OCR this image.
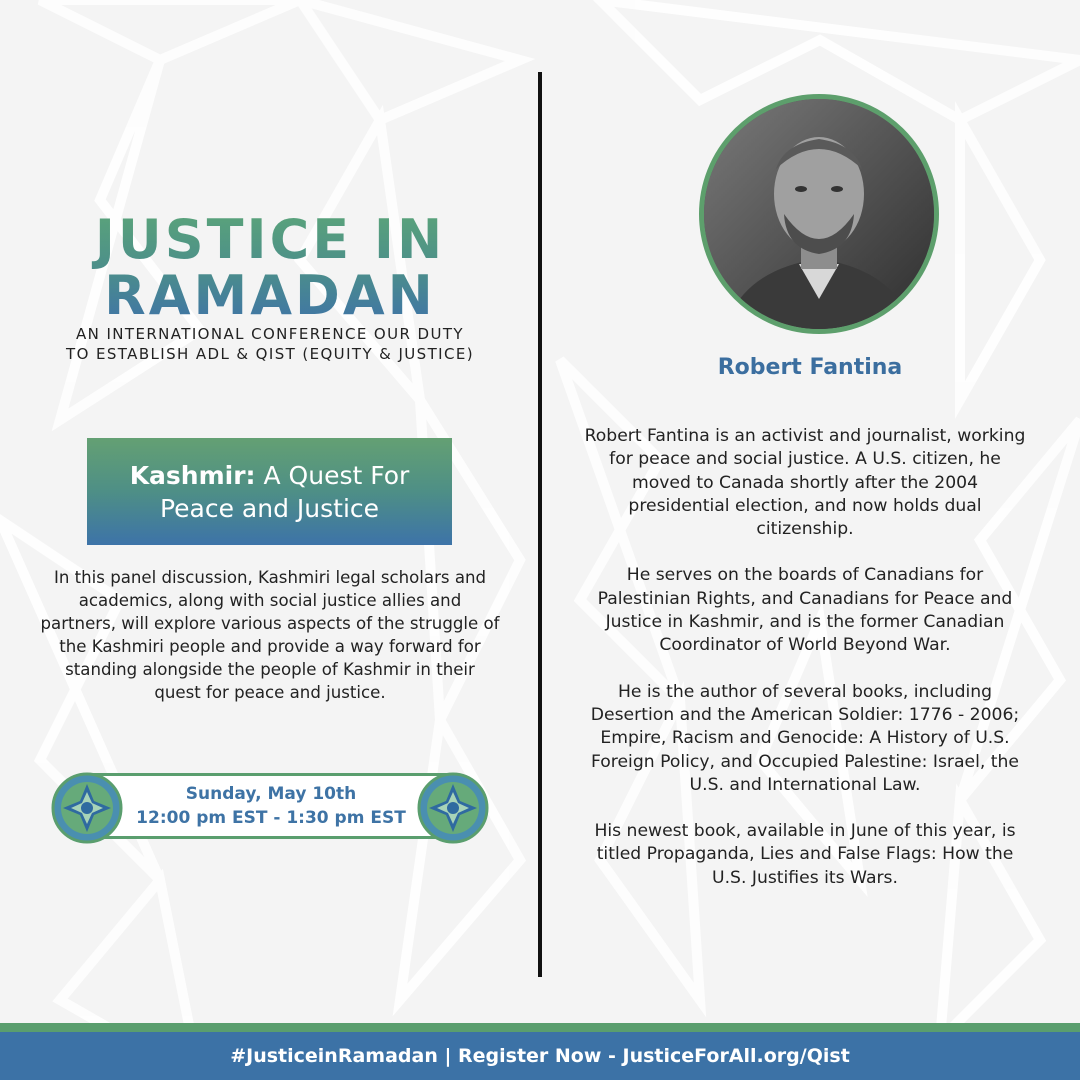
JUSTICE IN
RAMADAN
AN INTERNATIONAL CONFERENCE OUR DUTY
TO ESTABLISH ADL & QIST (EQUITY & JUSTICE)
Kashmir: A Quest For
Peace and Justice
In this panel discussion, Kashmiri legal scholars and academics, along with social justice allies and partners, will explore various aspects of the struggle of the Kashmiri people and provide a way forward for standing alongside the people of Kashmir in their quest for peace and justice.
Sunday, May 10th
12:00 pm EST - 1:30 pm EST
Robert Fantina

Robert Fantina is an activist and journalist, working for peace and social justice. A U.S. citizen, he moved to Canada shortly after the 2004 presidential election, and now holds dual citizenship.

He serves on the boards of Canadians for Palestinian Rights, and Canadians for Peace and Justice in Kashmir, and is the former Canadian Coordinator of World Beyond War.

He is the author of several books, including Desertion and the American Soldier: 1776 - 2006; Empire, Racism and Genocide: A History of U.S. Foreign Policy, and Occupied Palestine: Israel, the U.S. and International Law.

His newest book, available in June of this year, is titled Propaganda, Lies and False Flags: How the U.S. Justifies its Wars.

#JusticeinRamadan | Register Now - JusticeForAll.org/Qist
